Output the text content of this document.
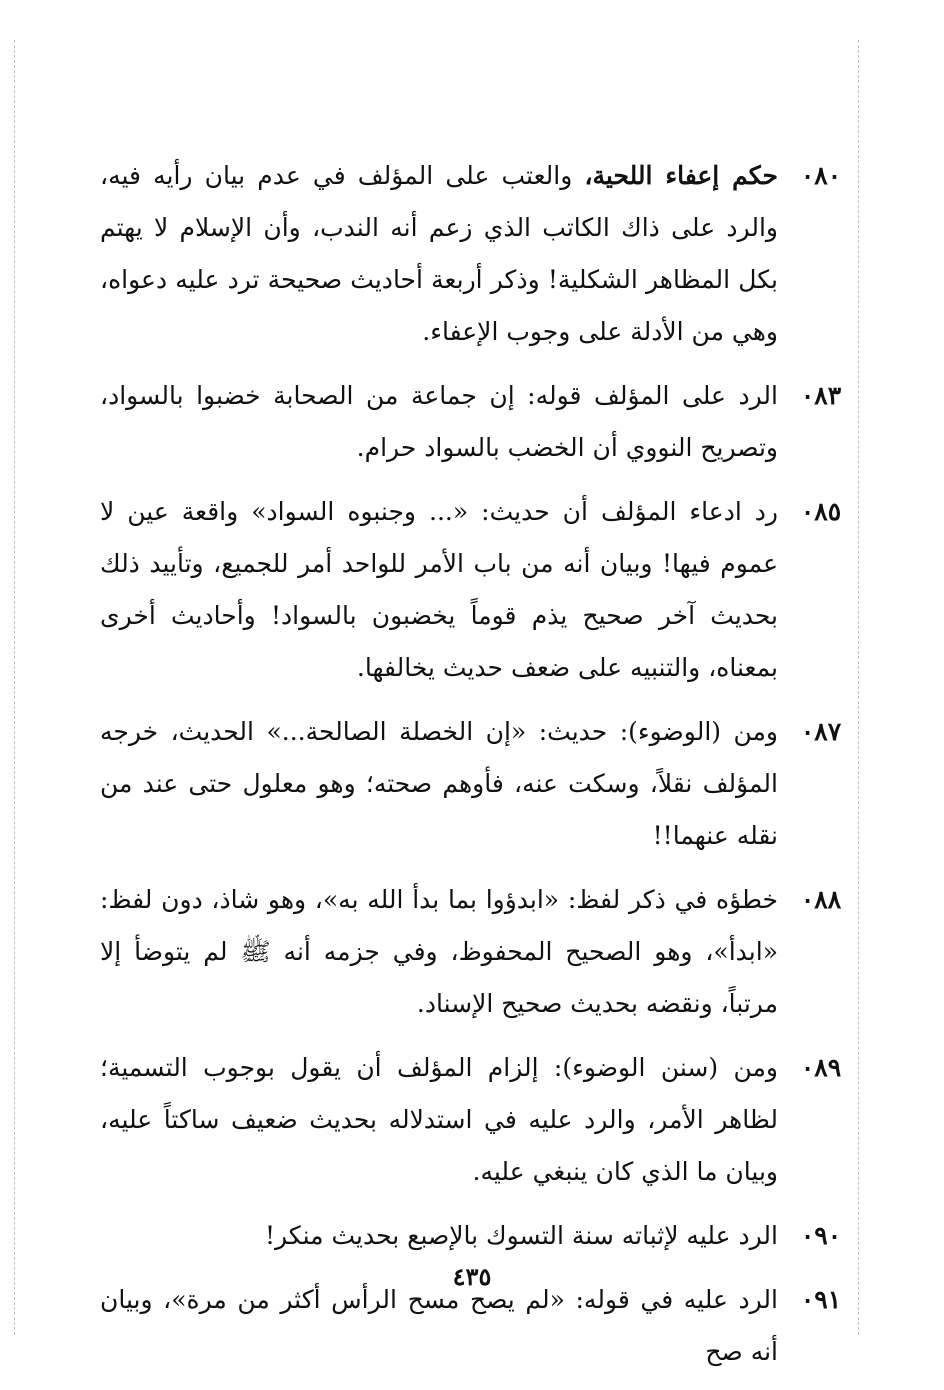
٠٨٠
حكم إعفاء اللحية، والعتب على المؤلف في عدم بيان رأيه فيه، والرد على ذاك الكاتب الذي زعم أنه الندب، وأن الإسلام لا يهتم بكل المظاهر الشكلية! وذكر أربعة أحاديث صحيحة ترد عليه دعواه، وهي من الأدلة على وجوب الإعفاء.
٠٨٣
الرد على المؤلف قوله: إن جماعة من الصحابة خضبوا بالسواد، وتصريح النووي أن الخضب بالسواد حرام.
٠٨٥
رد ادعاء المؤلف أن حديث: «... وجنبوه السواد» واقعة عين لا عموم فيها! وبيان أنه من باب الأمر للواحد أمر للجميع، وتأييد ذلك بحديث آخر صحيح يذم قوماً يخضبون بالسواد! وأحاديث أخرى بمعناه، والتنبيه على ضعف حديث يخالفها.
٠٨٧
ومن (الوضوء): حديث: «إن الخصلة الصالحة...» الحديث، خرجه المؤلف نقلاً، وسكت عنه، فأوهم صحته؛ وهو معلول حتى عند من نقله عنهما!!
٠٨٨
خطؤه في ذكر لفظ: «ابدؤوا بما بدأ الله به»، وهو شاذ، دون لفظ: «ابدأ»، وهو الصحيح المحفوظ، وفي جزمه أنه ﷺ لم يتوضأ إلا مرتباً، ونقضه بحديث صحيح الإسناد.
٠٨٩
ومن (سنن الوضوء): إلزام المؤلف أن يقول بوجوب التسمية؛ لظاهر الأمر، والرد عليه في استدلاله بحديث ضعيف ساكتاً عليه، وبيان ما الذي كان ينبغي عليه.
٠٩٠
الرد عليه لإثباته سنة التسوك بالإصبع بحديث منكر!
٠٩١
الرد عليه في قوله: «لم يصح مسح الرأس أكثر من مرة»، وبيان أنه صح
٤٣٥
